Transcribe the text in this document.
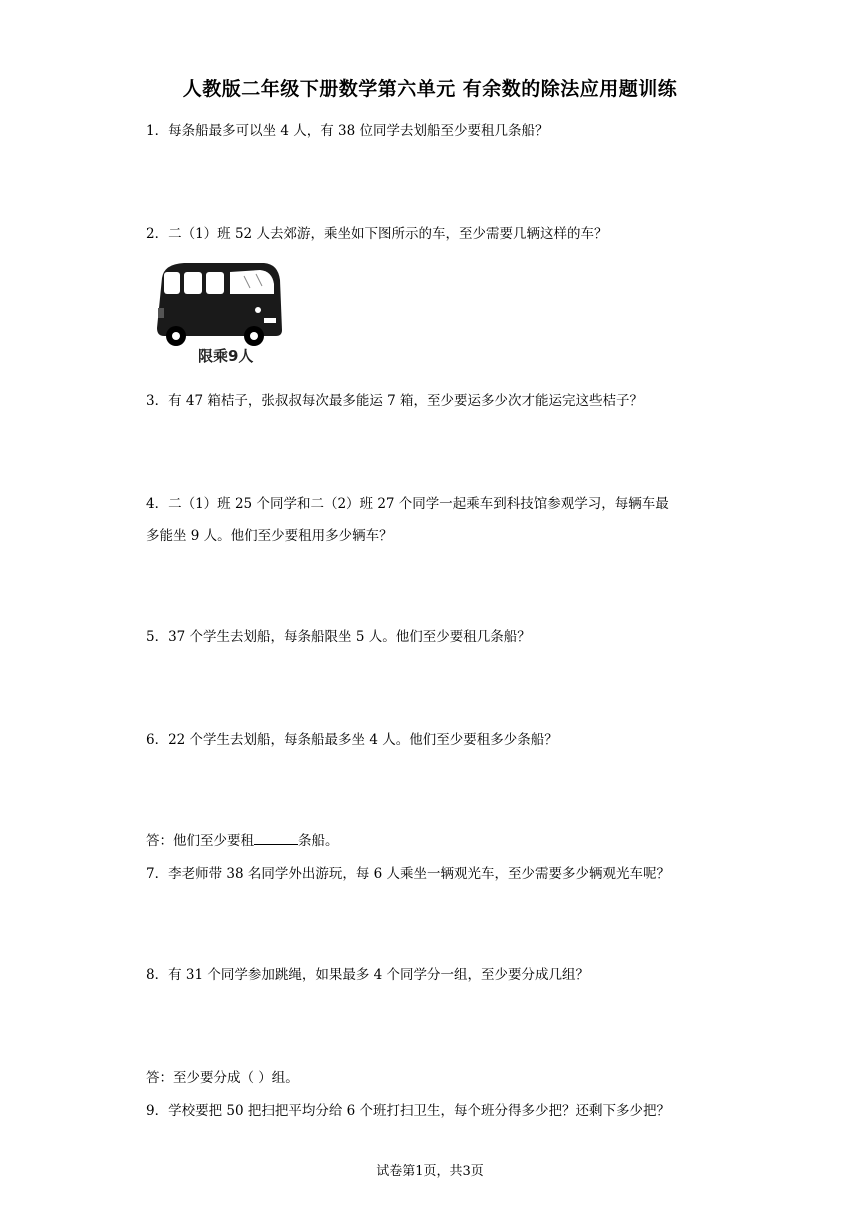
人教版二年级下册数学第六单元 有余数的除法应用题训练
1．每条船最多可以坐 4 人，有 38 位同学去划船至少要租几条船？
2．二（1）班 52 人去郊游，乘坐如下图所示的车，至少需要几辆这样的车？
限乘9人
3．有 47 箱桔子，张叔叔每次最多能运 7 箱，至少要运多少次才能运完这些桔子？
4．二（1）班 25 个同学和二（2）班 27 个同学一起乘车到科技馆参观学习，每辆车最
多能坐 9 人。他们至少要租用多少辆车？
5．37 个学生去划船，每条船限坐 5 人。他们至少要租几条船？
6．22 个学生去划船，每条船最多坐 4 人。他们至少要租多少条船？
答：他们至少要租	条船。
7．李老师带 38 名同学外出游玩，每 6 人乘坐一辆观光车，至少需要多少辆观光车呢？
8．有 31 个同学参加跳绳，如果最多 4 个同学分一组，至少要分成几组？
答：至少要分成（ ）组。
9．学校要把 50 把扫把平均分给 6 个班打扫卫生，每个班分得多少把？还剩下多少把？
试卷第1页，共3页
